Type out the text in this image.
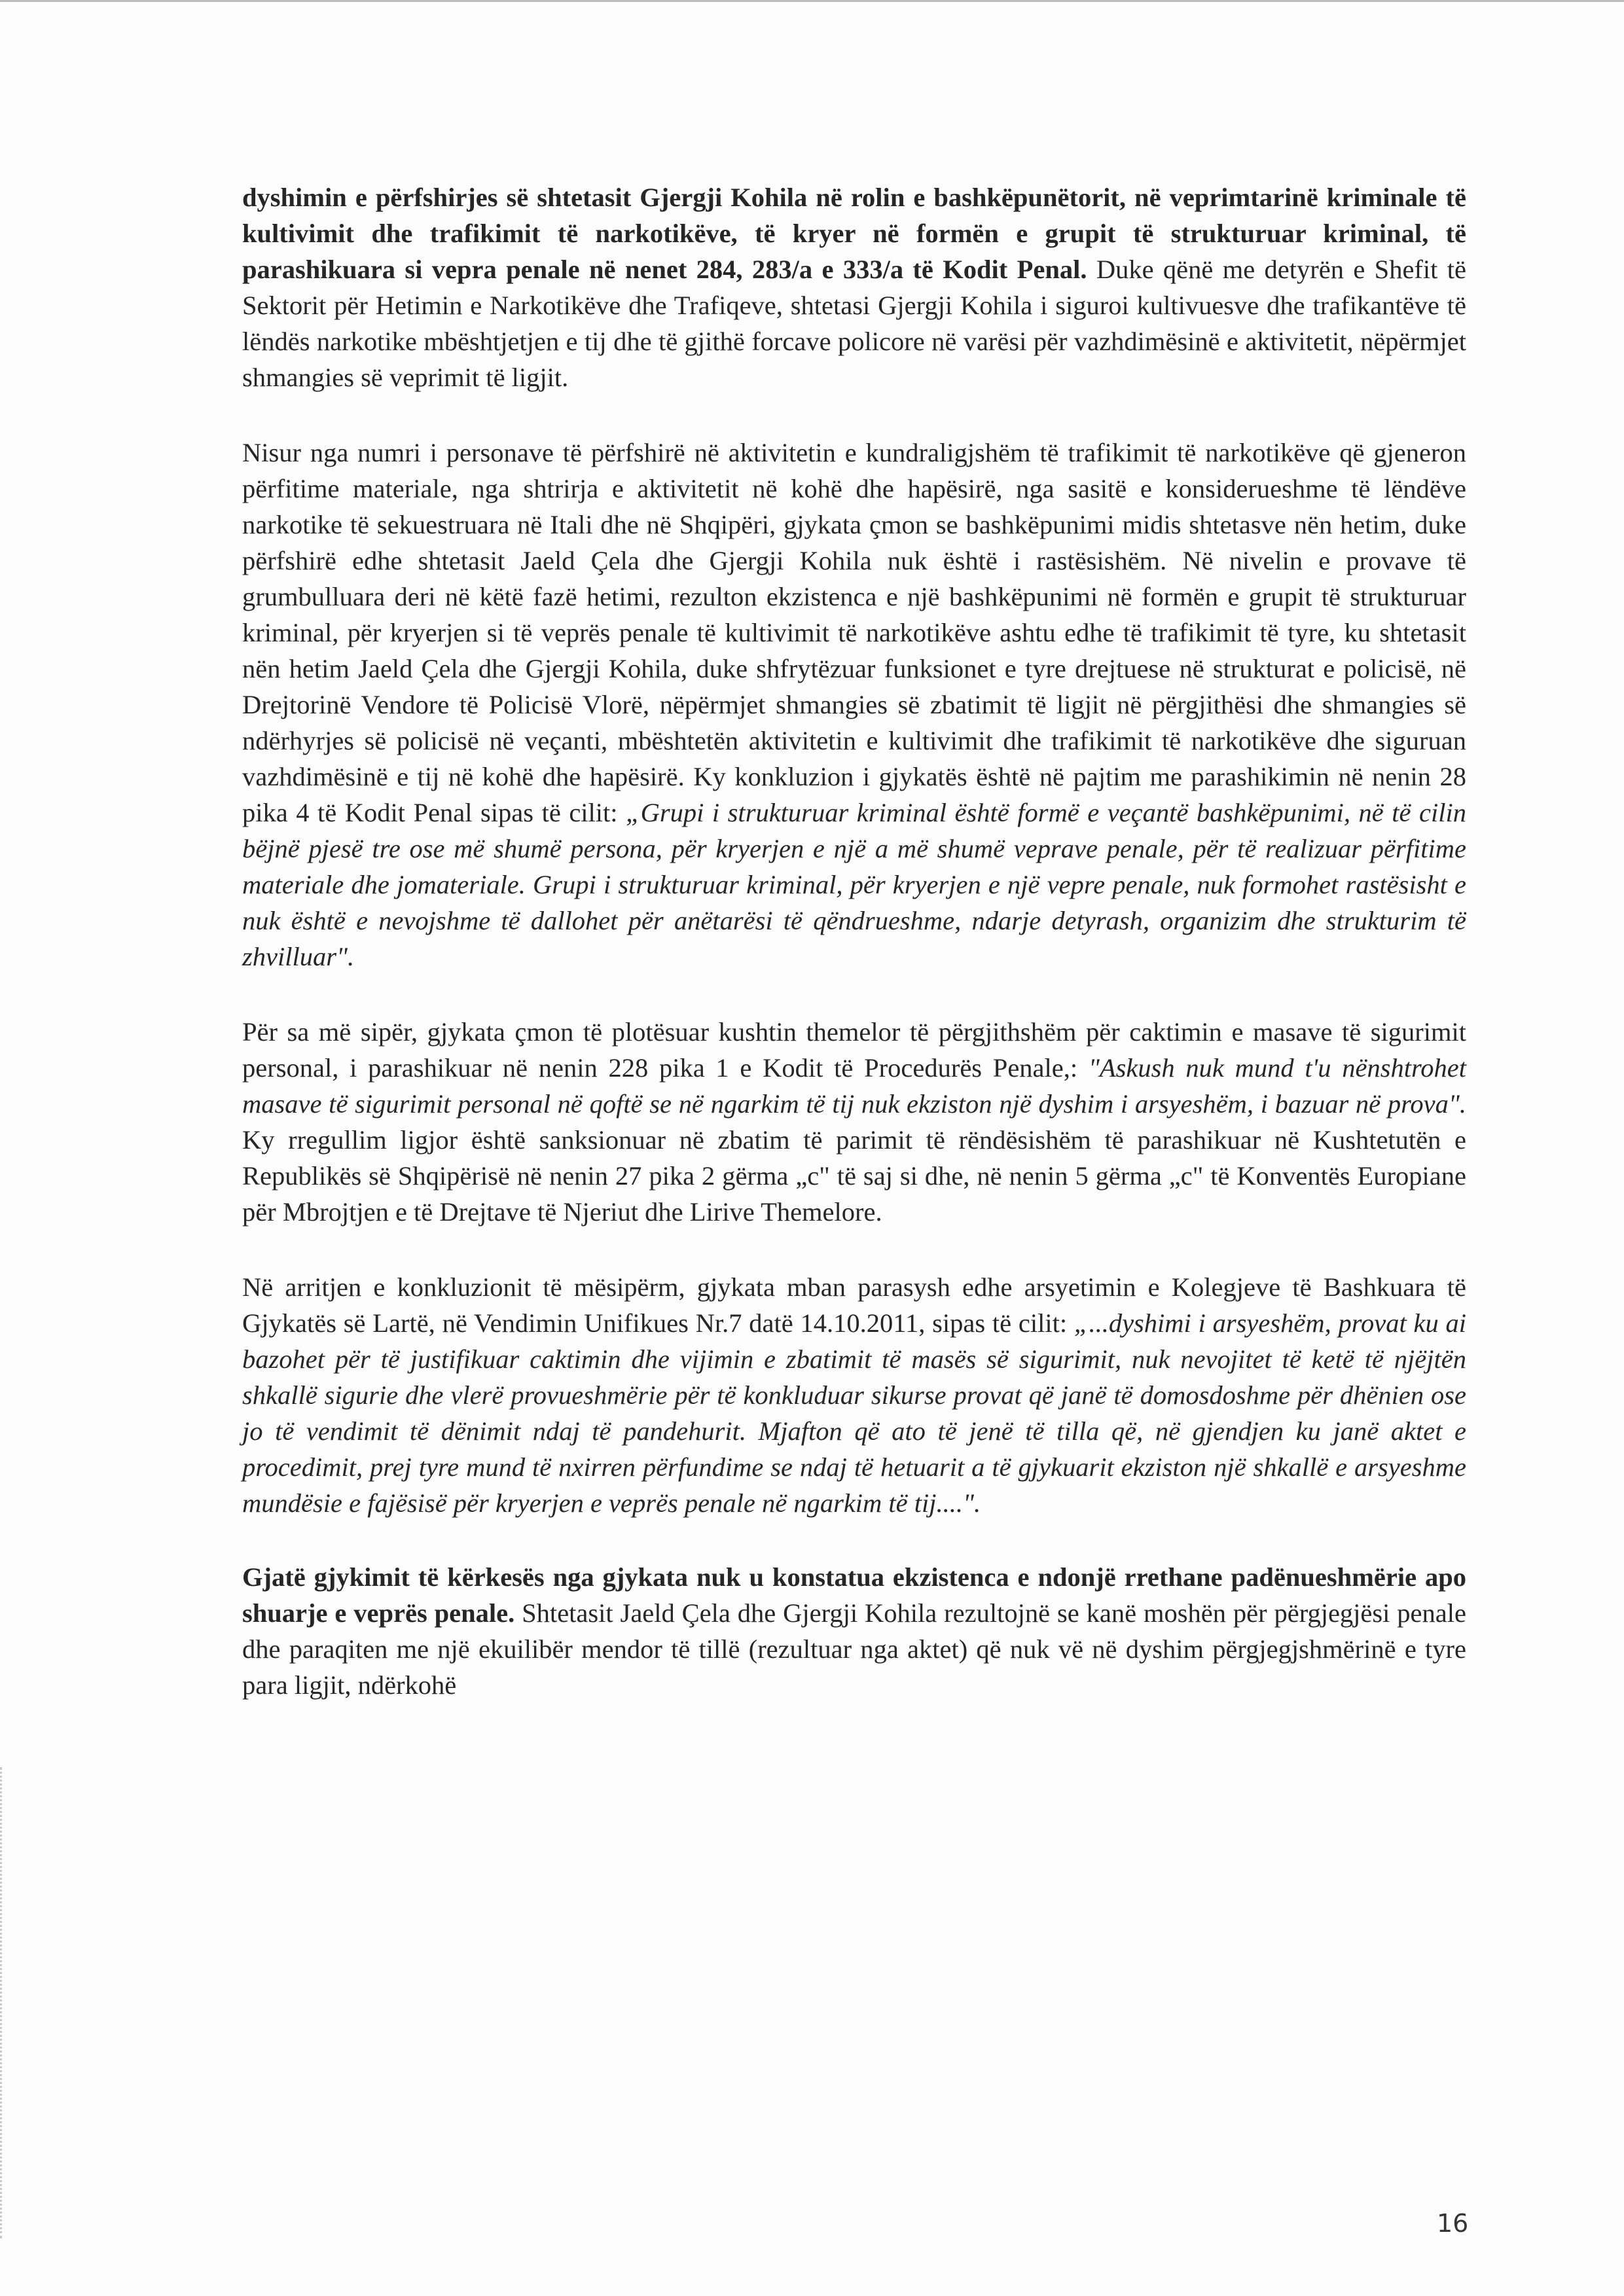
dyshimin e përfshirjes së shtetasit Gjergji Kohila në rolin e bashkëpunëtorit, në veprimtarinë kriminale të kultivimit dhe trafikimit të narkotikëve, të kryer në formën e grupit të strukturuar kriminal, të parashikuara si vepra penale në nenet 284, 283/a e 333/a të Kodit Penal. Duke qënë me detyrën e Shefit të Sektorit për Hetimin e Narkotikëve dhe Trafiqeve, shtetasi Gjergji Kohila i siguroi kultivuesve dhe trafikantëve të lëndës narkotike mbështjetjen e tij dhe të gjithë forcave policore në varësi për vazhdimësinë e aktivitetit, nëpërmjet shmangies së veprimit të ligjit.

Nisur nga numri i personave të përfshirë në aktivitetin e kundraligjshëm të trafikimit të narkotikëve që gjeneron përfitime materiale, nga shtrirja e aktivitetit në kohë dhe hapësirë, nga sasitë e konsiderueshme të lëndëve narkotike të sekuestruara në Itali dhe në Shqipëri, gjykata çmon se bashkëpunimi midis shtetasve nën hetim, duke përfshirë edhe shtetasit Jaeld Çela dhe Gjergji Kohila nuk është i rastësishëm. Në nivelin e provave të grumbulluara deri në këtë fazë hetimi, rezulton ekzistenca e një bashkëpunimi në formën e grupit të strukturuar kriminal, për kryerjen si të veprës penale të kultivimit të narkotikëve ashtu edhe të trafikimit të tyre, ku shtetasit nën hetim Jaeld Çela dhe Gjergji Kohila, duke shfrytëzuar funksionet e tyre drejtuese në strukturat e policisë, në Drejtorinë Vendore të Policisë Vlorë, nëpërmjet shmangies së zbatimit të ligjit në përgjithësi dhe shmangies së ndërhyrjes së policisë në veçanti, mbështetën aktivitetin e kultivimit dhe trafikimit të narkotikëve dhe siguruan vazhdimësinë e tij në kohë dhe hapësirë. Ky konkluzion i gjykatës është në pajtim me parashikimin në nenin 28 pika 4 të Kodit Penal sipas të cilit: „Grupi i strukturuar kriminal është formë e veçantë bashkëpunimi, në të cilin bëjnë pjesë tre ose më shumë persona, për kryerjen e një a më shumë veprave penale, për të realizuar përfitime materiale dhe jomateriale. Grupi i strukturuar kriminal, për kryerjen e një vepre penale, nuk formohet rastësisht e nuk është e nevojshme të dallohet për anëtarësi të qëndrueshme, ndarje detyrash, organizim dhe strukturim të zhvilluar".

Për sa më sipër, gjykata çmon të plotësuar kushtin themelor të përgjithshëm për caktimin e masave të sigurimit personal, i parashikuar në nenin 228 pika 1 e Kodit të Procedurës Penale,: "Askush nuk mund t'u nënshtrohet masave të sigurimit personal në qoftë se në ngarkim të tij nuk ekziston një dyshim i arsyeshëm, i bazuar në prova". Ky rregullim ligjor është sanksionuar në zbatim të parimit të rëndësishëm të parashikuar në Kushtetutën e Republikës së Shqipërisë në nenin 27 pika 2 gërma „c" të saj si dhe, në nenin 5 gërma „c" të Konventës Europiane për Mbrojtjen e të Drejtave të Njeriut dhe Lirive Themelore.

Në arritjen e konkluzionit të mësipërm, gjykata mban parasysh edhe arsyetimin e Kolegjeve të Bashkuara të Gjykatës së Lartë, në Vendimin Unifikues Nr.7 datë 14.10.2011, sipas të cilit: „...dyshimi i arsyeshëm, provat ku ai bazohet për të justifikuar caktimin dhe vijimin e zbatimit të masës së sigurimit, nuk nevojitet të ketë të njëjtën shkallë sigurie dhe vlerë provueshmërie për të konkluduar sikurse provat që janë të domosdoshme për dhënien ose jo të vendimit të dënimit ndaj të pandehurit. Mjafton që ato të jenë të tilla që, në gjendjen ku janë aktet e procedimit, prej tyre mund të nxirren përfundime se ndaj të hetuarit a të gjykuarit ekziston një shkallë e arsyeshme mundësie e fajësisë për kryerjen e veprës penale në ngarkim të tij....".

Gjatë gjykimit të kërkesës nga gjykata nuk u konstatua ekzistenca e ndonjë rrethane padënueshmërie apo shuarje e veprës penale. Shtetasit Jaeld Çela dhe Gjergji Kohila rezultojnë se kanë moshën për përgjegjësi penale dhe paraqiten me një ekuilibër mendor të tillë (rezultuar nga aktet) që nuk vë në dyshim përgjegjshmërinë e tyre para ligjit, ndërkohë

16
